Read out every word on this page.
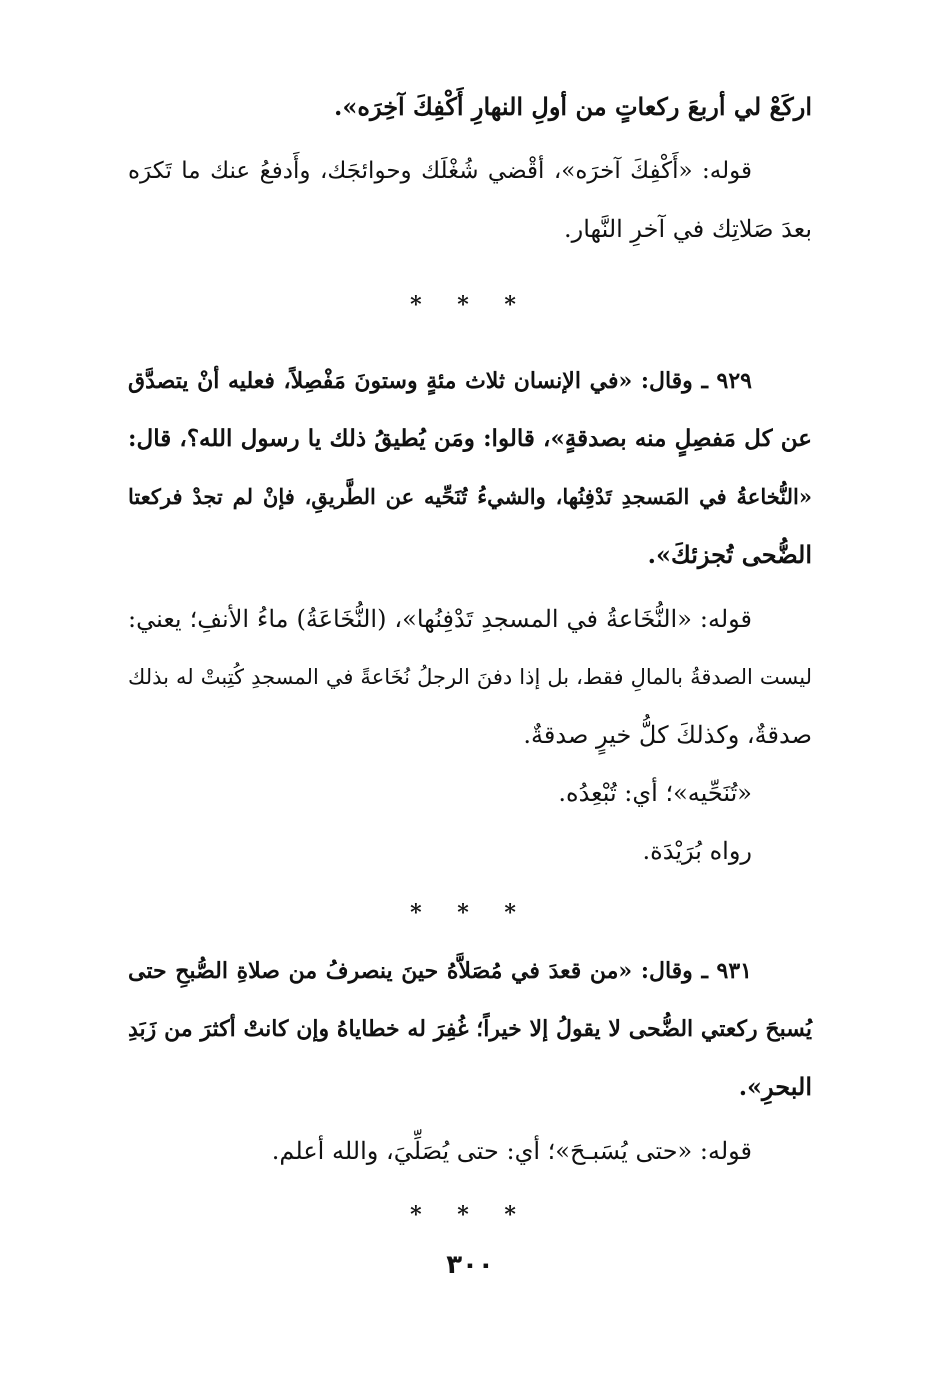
اركَعْ لي أربعَ ركعاتٍ من أولِ النهارِ أَكْفِكَ آخِرَه».
قوله: «أَكْفِكَ آخرَه»، أقْضي شُغْلَك وحوائجَك، وأَدفعُ عنك ما تَكرَه
بعدَ صَلاتِك في آخرِ النَّهار.
* * *
٩٢٩ ـ وقال: «في الإنسان ثلاث مئةٍ وستونَ مَفْصِلاً، فعليه أنْ يتصدَّق
عن كل مَفصِلٍ منه بصدقةٍ»، قالوا: ومَن يُطيقُ ذلك يا رسول الله؟، قال:
«النُّخاعةُ في المَسجدِ تَدْفِنُها، والشيءُ تُنَحِّيه عن الطَّريقِ، فإنْ لم تجدْ فركعتا
الضُّحى تُجزئكَ».
قوله: «النُّخَاعةُ في المسجدِ تَدْفِنُها»، (النُّخَاعَةُ) ماءُ الأنفِ؛ يعني:
ليست الصدقةُ بالمالِ فقط، بل إذا دفنَ الرجلُ نُخَاعةً في المسجدِ كُتِبتْ له بذلك
صدقةٌ، وكذلكَ كلُّ خيرٍ صدقةٌ.
«تُنَحِّيه»؛ أي: تُبْعِدُه.
رواه بُرَيْدَة.
* * *
٩٣١ ـ وقال: «من قعدَ في مُصَلاَّهُ حينَ ينصرفُ من صلاةِ الصُّبحِ حتى
يُسبحَ ركعتي الضُّحى لا يقولُ إلا خيراً؛ غُفِرَ له خطاياهُ وإن كانتْ أكثرَ من زَبَدِ
البحرِ».
قوله: «حتى يُسَبـحَ»؛ أي: حتى يُصَلِّيَ، والله أعلم.
* * *
٣٠٠
